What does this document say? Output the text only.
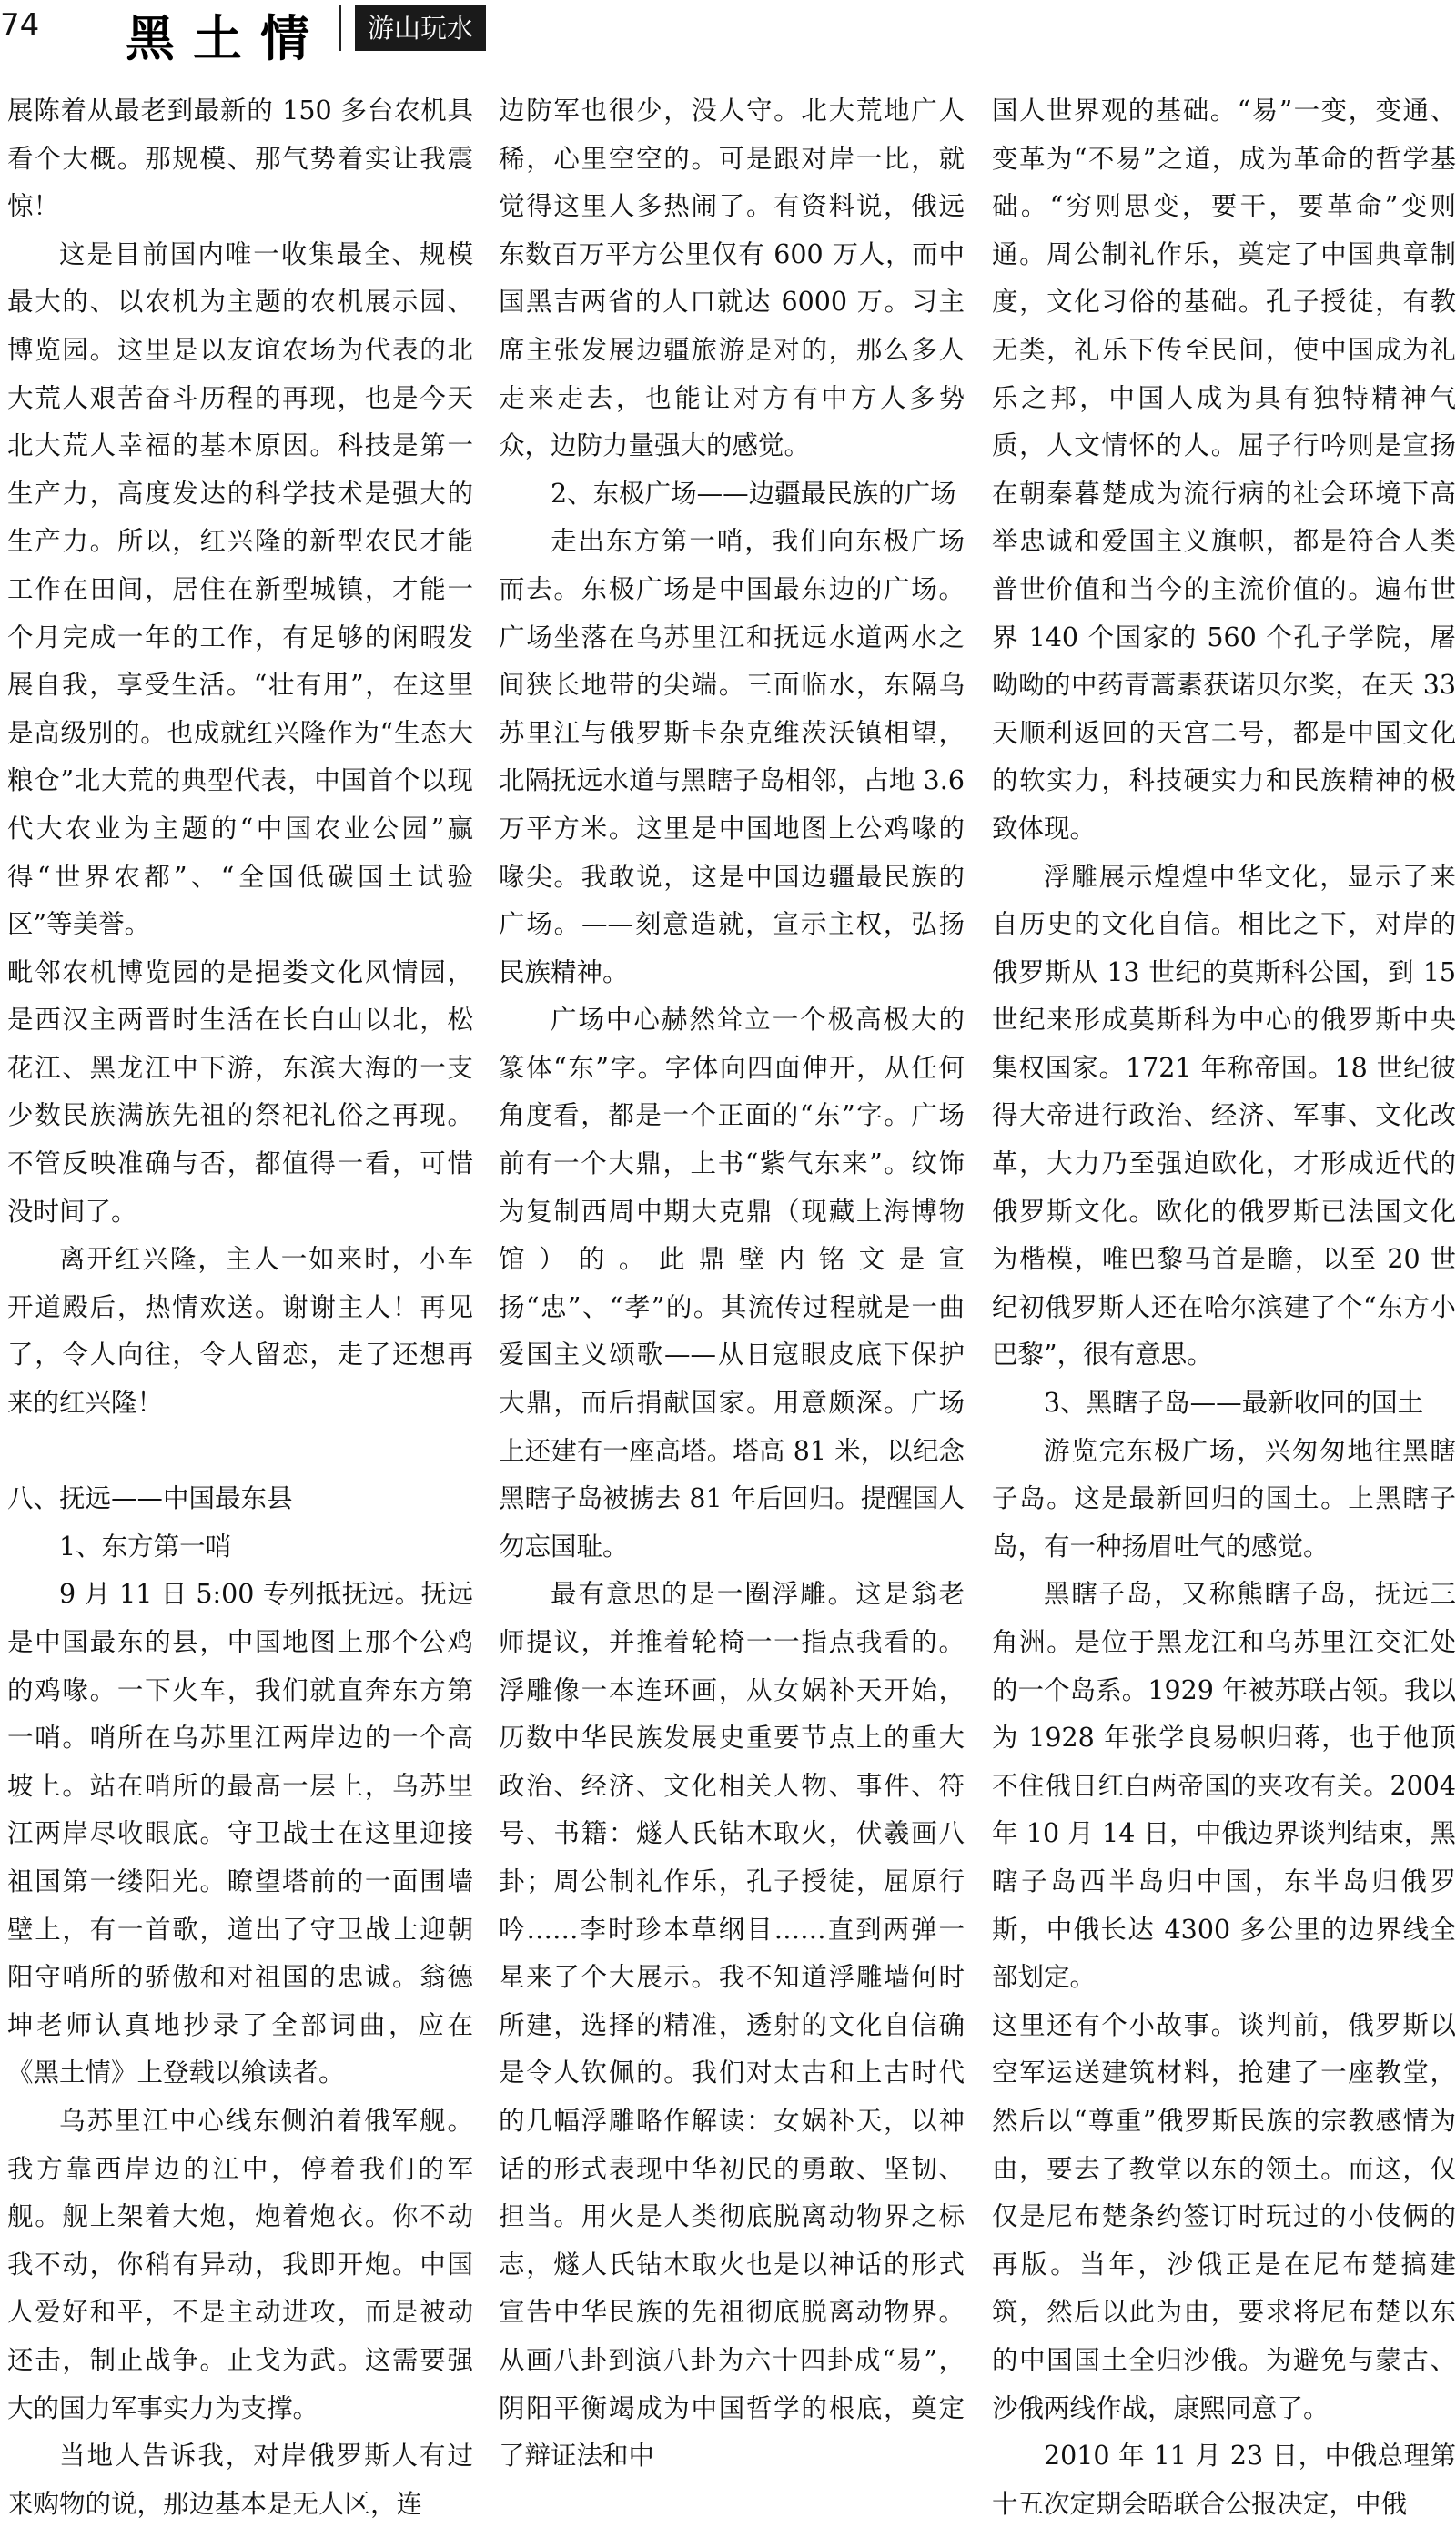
74 黑土情	游山玩水

展陈着从最老到最新的 150 多台农机具看个大概。那规模、那气势着实让我震惊！

这是目前国内唯一收集最全、规模最大的、以农机为主题的农机展示园、博览园。这里是以友谊农场为代表的北大荒人艰苦奋斗历程的再现，也是今天北大荒人幸福的基本原因。科技是第一生产力，高度发达的科学技术是强大的生产力。所以，红兴隆的新型农民才能工作在田间，居住在新型城镇，才能一个月完成一年的工作，有足够的闲暇发展自我，享受生活。“壮有用”，在这里是高级别的。也成就红兴隆作为“生态大粮仓”北大荒的典型代表，中国首个以现代大农业为主题的“中国农业公园”赢得“世界农都”、“全国低碳国土试验区”等美誉。

毗邻农机博览园的是挹娄文化风情园，是西汉主两晋时生活在长白山以北，松花江、黑龙江中下游，东滨大海的一支少数民族满族先祖的祭祀礼俗之再现。不管反映准确与否，都值得一看，可惜没时间了。

离开红兴隆，主人一如来时，小车开道殿后，热情欢送。谢谢主人！再见了，令人向往，令人留恋，走了还想再来的红兴隆！

八、抚远——中国最东县

1、东方第一哨

9 月 11 日 5:00 专列抵抚远。抚远是中国最东的县，中国地图上那个公鸡的鸡喙。一下火车，我们就直奔东方第一哨。哨所在乌苏里江两岸边的一个高坡上。站在哨所的最高一层上，乌苏里江两岸尽收眼底。守卫战士在这里迎接祖国第一缕阳光。瞭望塔前的一面围墙壁上，有一首歌，道出了守卫战士迎朝阳守哨所的骄傲和对祖国的忠诚。翁德坤老师认真地抄录了全部词曲，应在《黑土情》上登载以飨读者。

乌苏里江中心线东侧泊着俄军舰。我方靠西岸边的江中，停着我们的军舰。舰上架着大炮，炮着炮衣。你不动我不动，你稍有异动，我即开炮。中国人爱好和平，不是主动进攻，而是被动还击，制止战争。止戈为武。这需要强大的国力军事实力为支撑。

当地人告诉我，对岸俄罗斯人有过来购物的说，那边基本是无人区，连

边防军也很少，没人守。北大荒地广人稀，心里空空的。可是跟对岸一比，就觉得这里人多热闹了。有资料说，俄远东数百万平方公里仅有 600 万人，而中国黑吉两省的人口就达 6000 万。习主席主张发展边疆旅游是对的，那么多人走来走去，也能让对方有中方人多势众，边防力量强大的感觉。

2、东极广场——边疆最民族的广场

走出东方第一哨，我们向东极广场而去。东极广场是中国最东边的广场。广场坐落在乌苏里江和抚远水道两水之间狭长地带的尖端。三面临水，东隔乌苏里江与俄罗斯卡杂克维茨沃镇相望，北隔抚远水道与黑瞎子岛相邻，占地 3.6 万平方米。这里是中国地图上公鸡喙的喙尖。我敢说，这是中国边疆最民族的广场。——刻意造就，宣示主权，弘扬民族精神。

广场中心赫然耸立一个极高极大的篆体“东”字。字体向四面伸开，从任何角度看，都是一个正面的“东”字。广场前有一个大鼎，上书“紫气东来”。纹饰为复制西周中期大克鼎（现藏上海博物馆）的。此鼎壁内铭文是宣扬“忠”、“孝”的。其流传过程就是一曲爱国主义颂歌——从日寇眼皮底下保护大鼎，而后捐献国家。用意颇深。广场上还建有一座高塔。塔高 81 米，以纪念黑瞎子岛被掳去 81 年后回归。提醒国人勿忘国耻。

最有意思的是一圈浮雕。这是翁老师提议，并推着轮椅一一指点我看的。浮雕像一本连环画，从女娲补天开始，历数中华民族发展史重要节点上的重大政治、经济、文化相关人物、事件、符号、书籍：燧人氏钻木取火，伏羲画八卦；周公制礼作乐，孔子授徒，屈原行吟……李时珍本草纲目……直到两弹一星来了个大展示。我不知道浮雕墙何时所建，选择的精准，透射的文化自信确是令人钦佩的。我们对太古和上古时代的几幅浮雕略作解读：女娲补天，以神话的形式表现中华初民的勇敢、坚韧、担当。用火是人类彻底脱离动物界之标志，燧人氏钻木取火也是以神话的形式宣告中华民族的先祖彻底脱离动物界。从画八卦到演八卦为六十四卦成“易”，阴阳平衡竭成为中国哲学的根底，奠定了辩证法和中

国人世界观的基础。“易”一变，变通、变革为“不易”之道，成为革命的哲学基础。“穷则思变，要干，要革命”变则通。周公制礼作乐，奠定了中国典章制度，文化习俗的基础。孔子授徒，有教无类，礼乐下传至民间，使中国成为礼乐之邦，中国人成为具有独特精神气质，人文情怀的人。屈子行吟则是宣扬在朝秦暮楚成为流行病的社会环境下高举忠诚和爱国主义旗帜，都是符合人类普世价值和当今的主流价值的。遍布世界 140 个国家的 560 个孔子学院，屠呦呦的中药青蒿素获诺贝尔奖，在天 33 天顺利返回的天宫二号，都是中国文化的软实力，科技硬实力和民族精神的极致体现。

浮雕展示煌煌中华文化，显示了来自历史的文化自信。相比之下，对岸的俄罗斯从 13 世纪的莫斯科公国，到 15 世纪来形成莫斯科为中心的俄罗斯中央集权国家。1721 年称帝国。18 世纪彼得大帝进行政治、经济、军事、文化改革，大力乃至强迫欧化，才形成近代的俄罗斯文化。欧化的俄罗斯已法国文化为楷模，唯巴黎马首是瞻，以至 20 世纪初俄罗斯人还在哈尔滨建了个“东方小巴黎”，很有意思。

3、黑瞎子岛——最新收回的国土

游览完东极广场，兴匆匆地往黑瞎子岛。这是最新回归的国土。上黑瞎子岛，有一种扬眉吐气的感觉。

黑瞎子岛，又称熊瞎子岛，抚远三角洲。是位于黑龙江和乌苏里江交汇处的一个岛系。1929 年被苏联占领。我以为 1928 年张学良易帜归蒋，也于他顶不住俄日红白两帝国的夹攻有关。2004 年 10 月 14 日，中俄边界谈判结束，黑瞎子岛西半岛归中国，东半岛归俄罗斯，中俄长达 4300 多公里的边界线全部划定。

这里还有个小故事。谈判前，俄罗斯以空军运送建筑材料，抢建了一座教堂，然后以“尊重”俄罗斯民族的宗教感情为由，要去了教堂以东的领土。而这，仅仅是尼布楚条约签订时玩过的小伎俩的再版。当年，沙俄正是在尼布楚搞建筑，然后以此为由，要求将尼布楚以东的中国国土全归沙俄。为避免与蒙古、沙俄两线作战，康熙同意了。

2010 年 11 月 23 日，中俄总理第十五次定期会晤联合公报决定，中俄
